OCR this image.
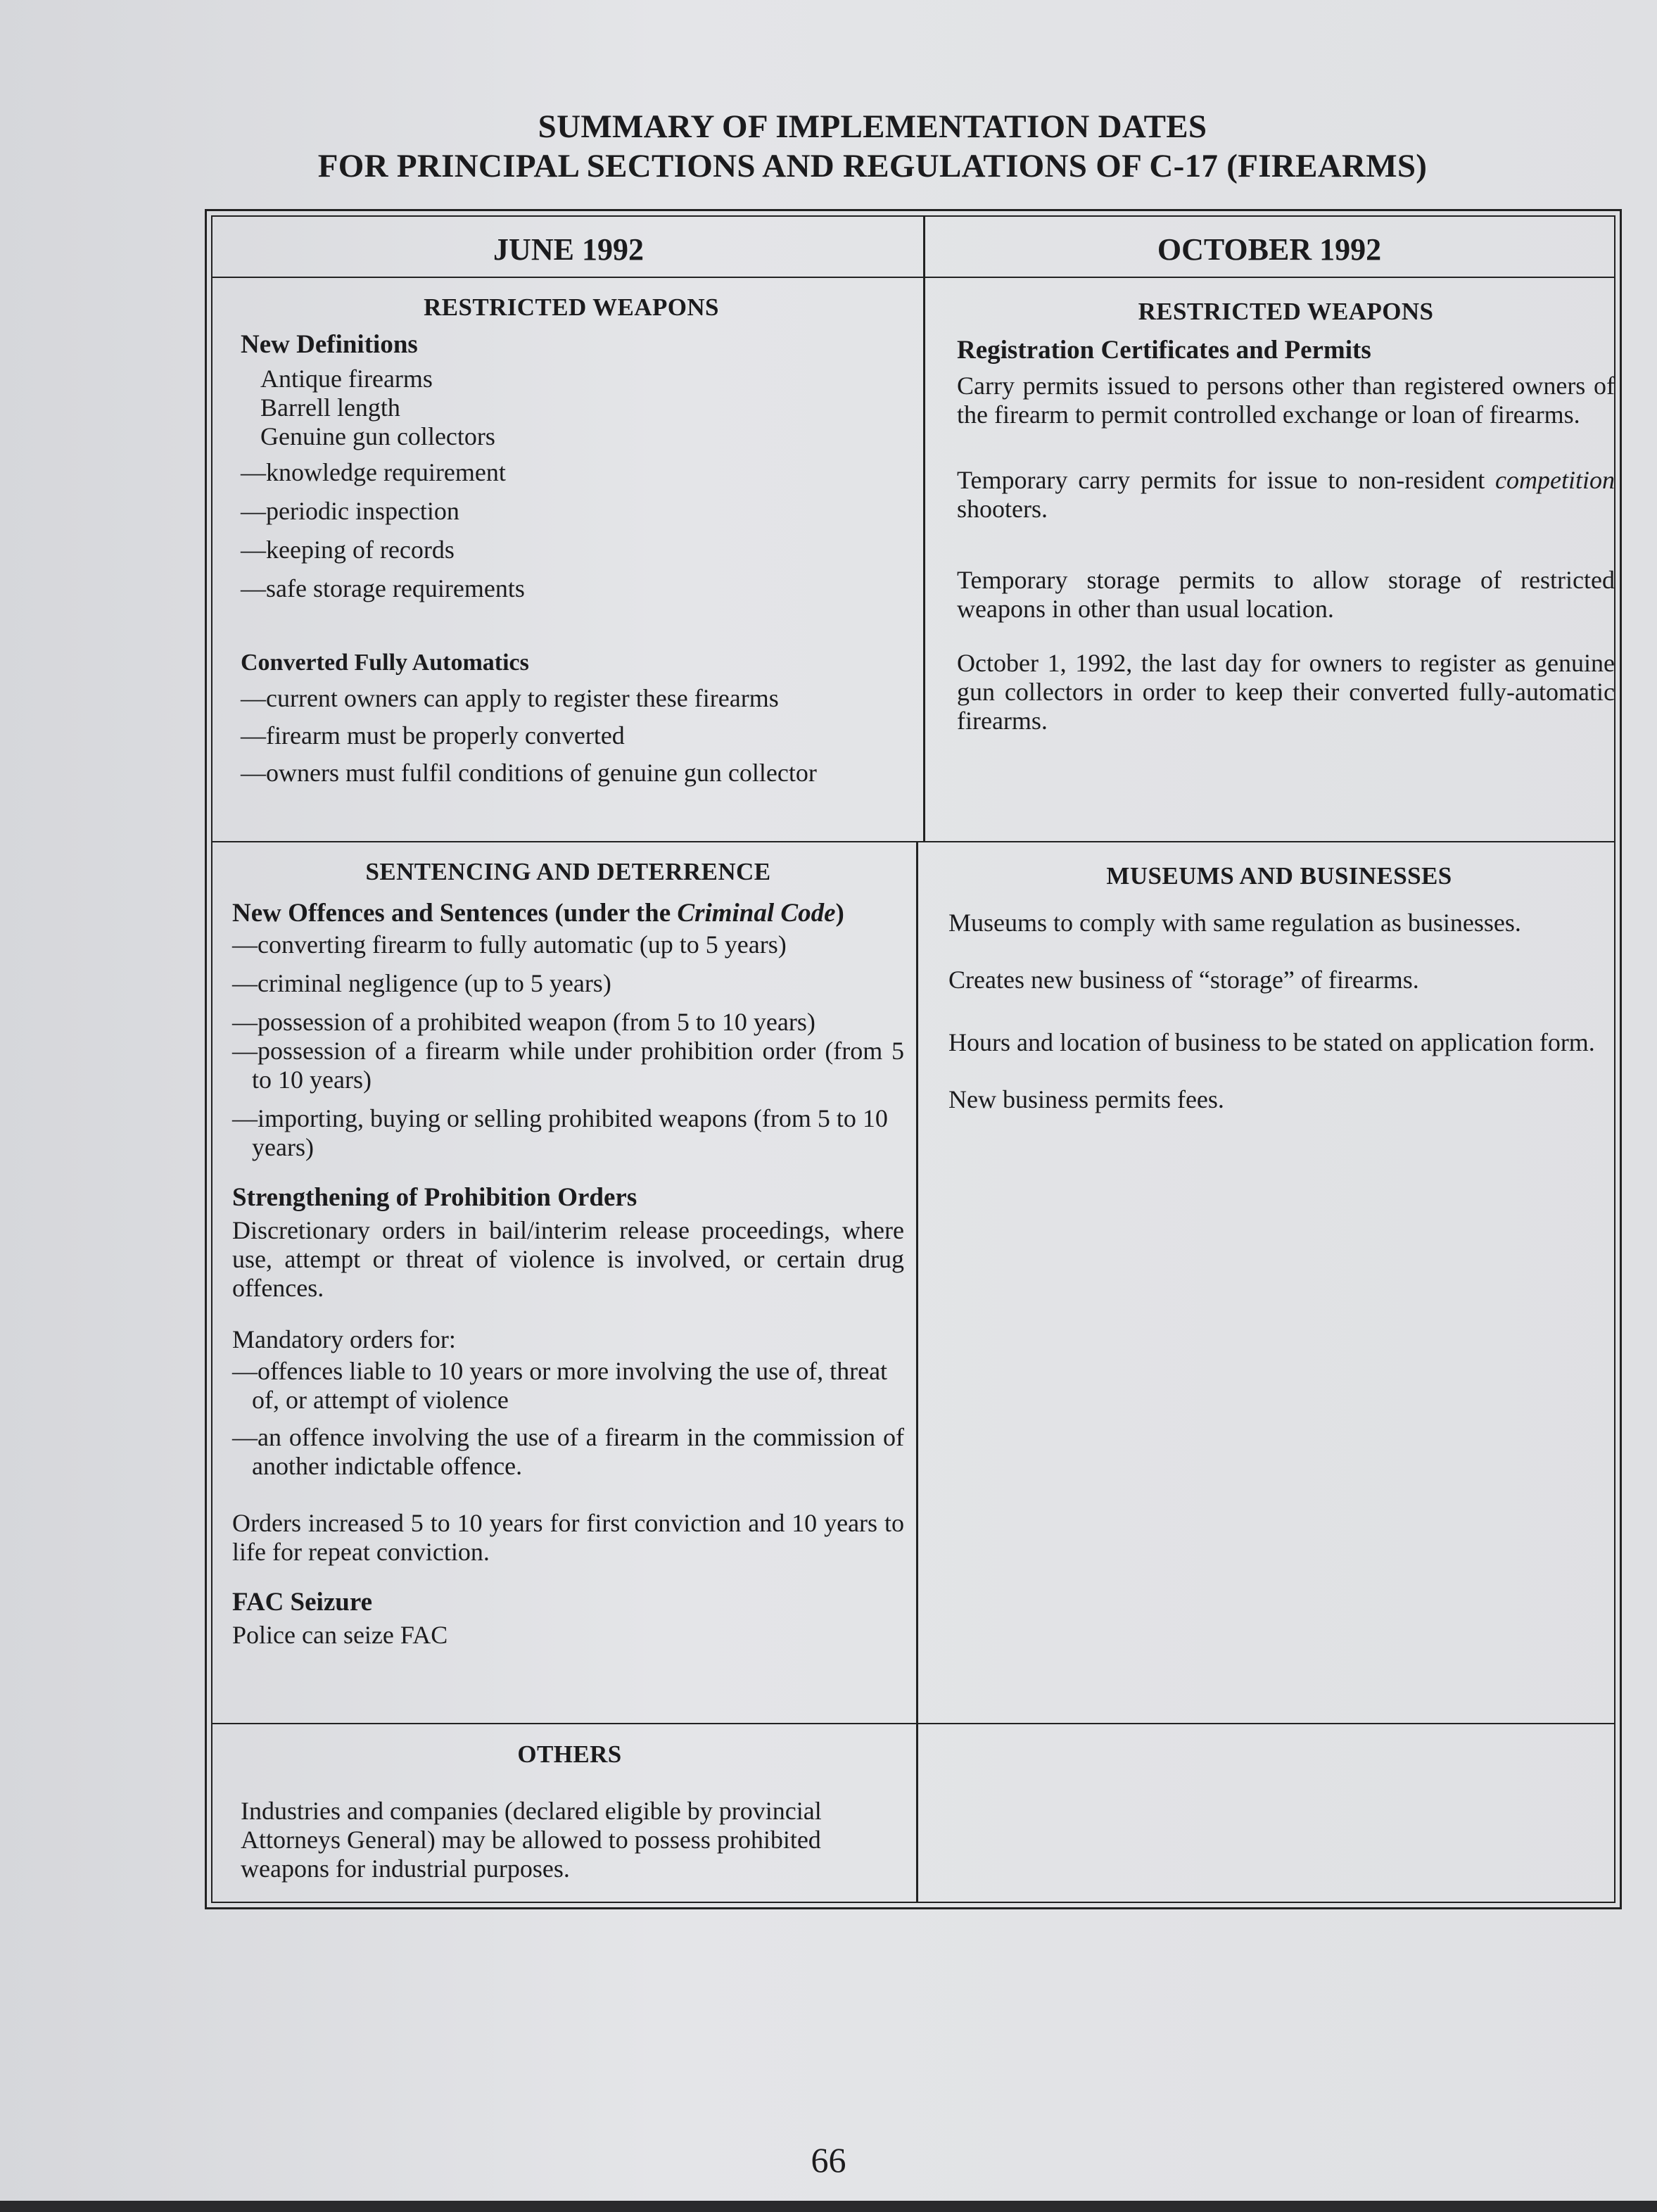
SUMMARY OF IMPLEMENTATION DATES
FOR PRINCIPAL SECTIONS AND REGULATIONS OF C-17 (FIREARMS)
JUNE 1992	OCTOBER 1992
RESTRICTED WEAPONS
New Definitions
Antique firearms
Barrell length
Genuine gun collectors
—knowledge requirement
—periodic inspection
—keeping of records
—safe storage requirements
Converted Fully Automatics
—current owners can apply to register these firearms
—firearm must be properly converted
—owners must fulfil conditions of genuine gun collector
RESTRICTED WEAPONS
Registration Certificates and Permits
Carry permits issued to persons other than registered owners of the firearm to permit controlled exchange or loan of firearms.
Temporary carry permits for issue to non-resident competition shooters.
Temporary storage permits to allow storage of restricted weapons in other than usual location.
October 1, 1992, the last day for owners to register as genuine gun collectors in order to keep their converted fully-automatic firearms.
SENTENCING AND DETERRENCE
New Offences and Sentences (under the Criminal Code)
—converting firearm to fully automatic (up to 5 years)
—criminal negligence (up to 5 years)
—possession of a prohibited weapon (from 5 to 10 years)
—possession of a firearm while under prohibition order (from 5 to 10 years)
—importing, buying or selling prohibited weapons (from 5 to 10 years)
Strengthening of Prohibition Orders
Discretionary orders in bail/interim release proceedings, where use, attempt or threat of violence is involved, or certain drug offences.
Mandatory orders for:
—offences liable to 10 years or more involving the use of, threat of, or attempt of violence
—an offence involving the use of a firearm in the commission of another indictable offence.
Orders increased 5 to 10 years for first conviction and 10 years to life for repeat conviction.
FAC Seizure
Police can seize FAC
MUSEUMS AND BUSINESSES
Museums to comply with same regulation as businesses.
Creates new business of “storage” of firearms.
Hours and location of business to be stated on application form.
New business permits fees.
OTHERS
Industries and companies (declared eligible by provincial Attorneys General) may be allowed to possess prohibited weapons for industrial purposes.
66
